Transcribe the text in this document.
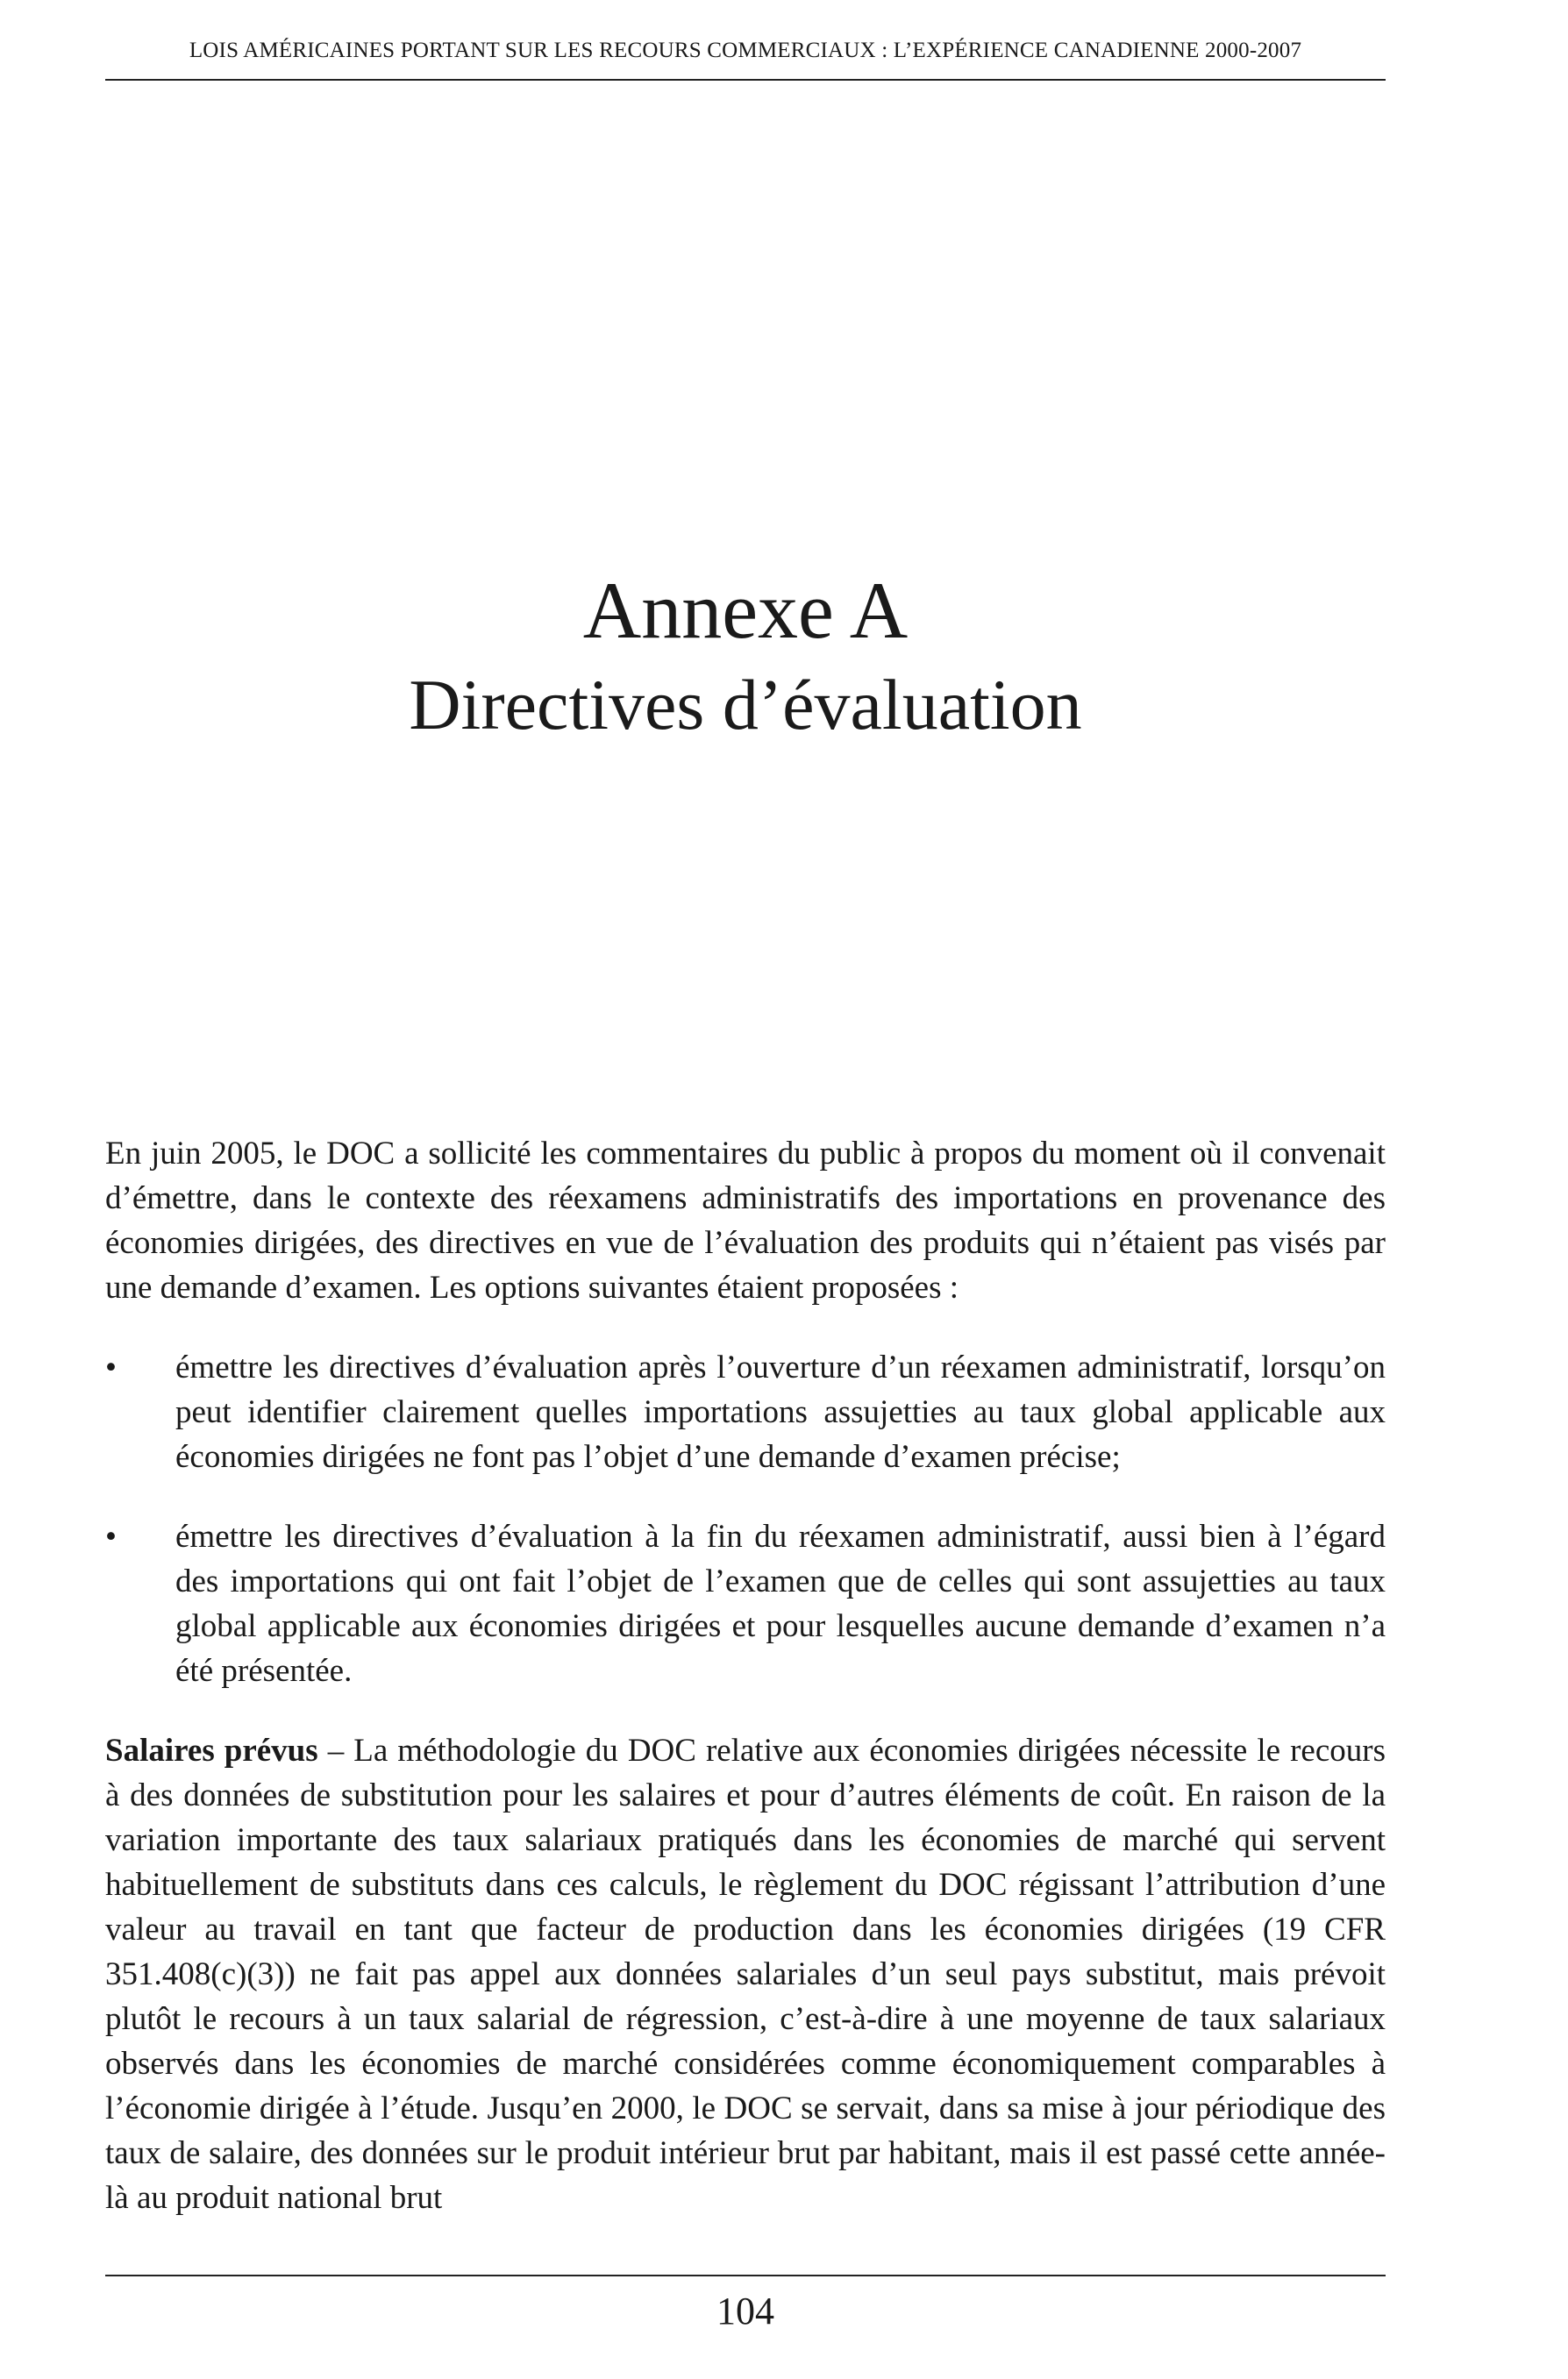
LOIS AMÉRICAINES PORTANT SUR LES RECOURS COMMERCIAUX : L’EXPÉRIENCE CANADIENNE 2000-2007
Annexe A
Directives d’évaluation

En juin 2005, le DOC a sollicité les commentaires du public à propos du moment où il convenait d’émettre, dans le contexte des réexamens administratifs des importations en provenance des économies dirigées, des directives en vue de l’évaluation des produits qui n’étaient pas visés par une demande d’examen. Les options suivantes étaient proposées :

•	émettre les directives d’évaluation après l’ouverture d’un réexamen administratif, lorsqu’on peut identifier clairement quelles importations assujetties au taux global applicable aux économies dirigées ne font pas l’objet d’une demande d’examen précise;
•	émettre les directives d’évaluation à la fin du réexamen administratif, aussi bien à l’égard des importations qui ont fait l’objet de l’examen que de celles qui sont assujetties au taux global applicable aux économies dirigées et pour lesquelles aucune demande d’examen n’a été présentée.

Salaires prévus – La méthodologie du DOC relative aux économies dirigées nécessite le recours à des données de substitution pour les salaires et pour d’autres éléments de coût. En raison de la variation importante des taux salariaux pratiqués dans les économies de marché qui servent habituellement de substituts dans ces calculs, le règlement du DOC régissant l’attribution d’une valeur au travail en tant que facteur de production dans les économies dirigées (19 CFR 351.408(c)(3)) ne fait pas appel aux données salariales d’un seul pays substitut, mais prévoit plutôt le recours à un taux salarial de régression, c’est-à-dire à une moyenne de taux salariaux observés dans les économies de marché considérées comme économiquement comparables à l’économie dirigée à l’étude. Jusqu’en 2000, le DOC se servait, dans sa mise à jour périodique des taux de salaire, des données sur le produit intérieur brut par habitant, mais il est passé cette année-là au produit national brut

104
